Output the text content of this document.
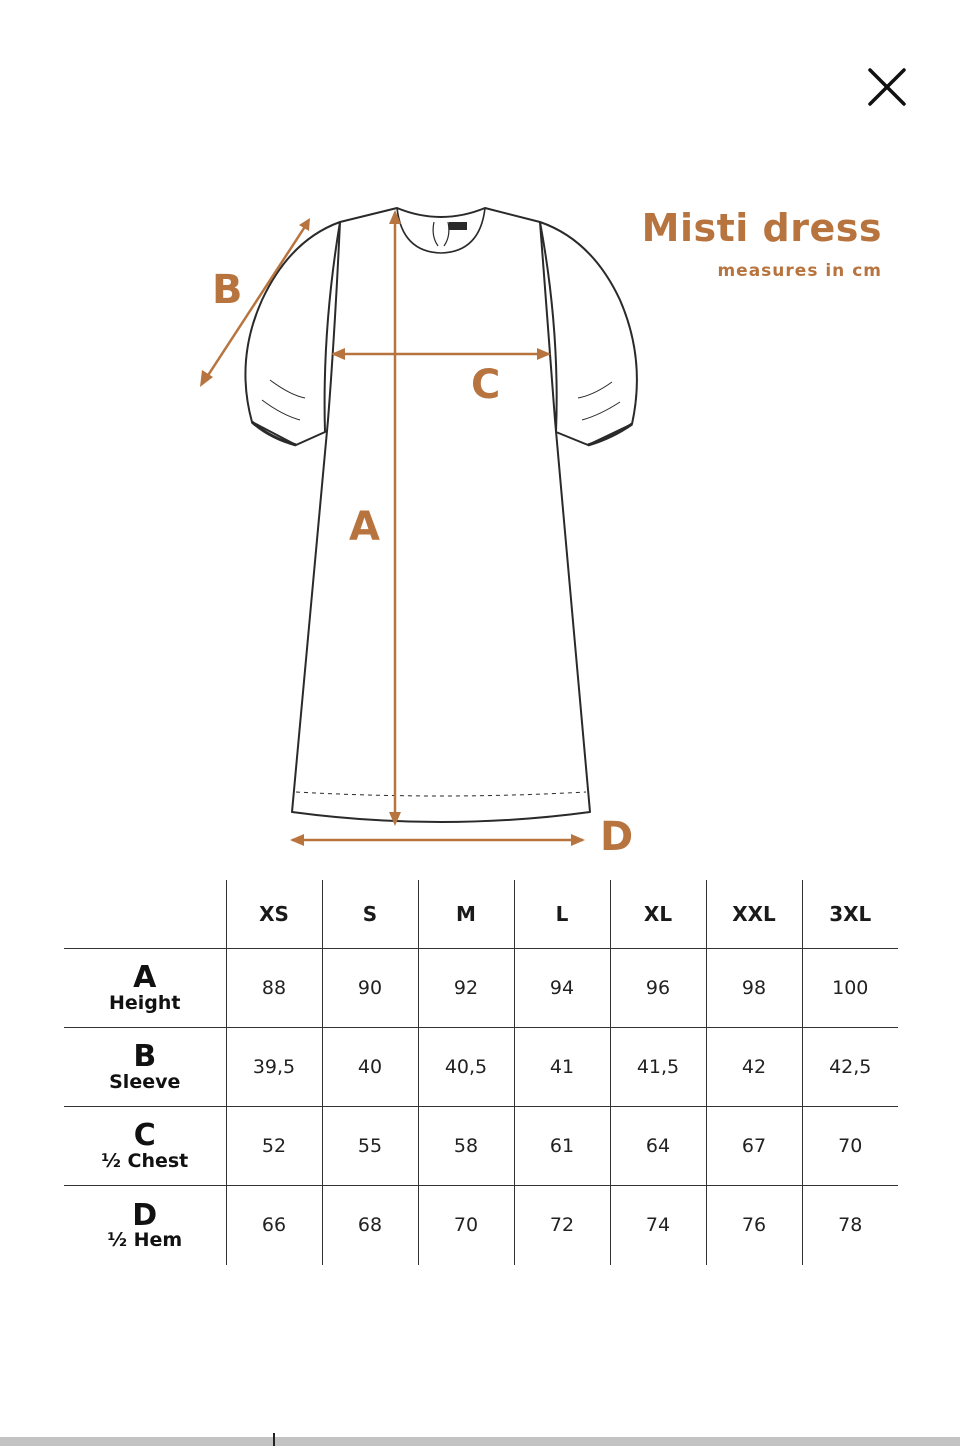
Misti dress
measures in cm
A
B
C
D
	XS	S	M	L	XL	XXL	3XL

A
Height	88	90	92	94	96	98	100

B
Sleeve	39,5	40	40,5	41	41,5	42	42,5

C
½ Chest	52	55	58	61	64	67	70

D
½ Hem	66	68	70	72	74	76	78
